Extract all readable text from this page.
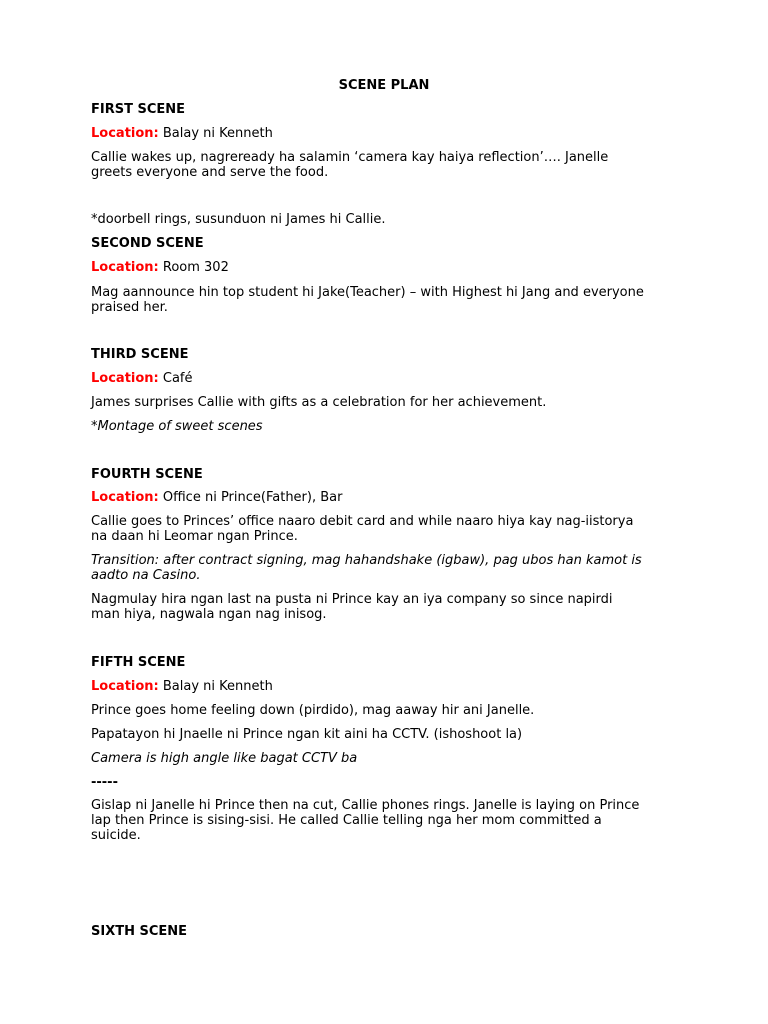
SCENE PLAN
FIRST SCENE
Location: Balay ni Kenneth
Callie wakes up, nagreready ha salamin ‘camera kay haiya reflection’…. Janelle
greets everyone and serve the food.
*doorbell rings, susunduon ni James hi Callie.
SECOND SCENE
Location: Room 302
Mag aannounce hin top student hi Jake(Teacher) – with Highest hi Jang and everyone
praised her.
THIRD SCENE
Location: Café
James surprises Callie with gifts as a celebration for her achievement.
*Montage of sweet scenes
FOURTH SCENE
Location: Office ni Prince(Father), Bar
Callie goes to Princes’ office naaro debit card and while naaro hiya kay nag-iistorya
na daan hi Leomar ngan Prince.
Transition: after contract signing, mag hahandshake (igbaw), pag ubos han kamot is
aadto na Casino.
Nagmulay hira ngan last na pusta ni Prince kay an iya company so since napirdi
man hiya, nagwala ngan nag inisog.
FIFTH SCENE
Location: Balay ni Kenneth
Prince goes home feeling down (pirdido), mag aaway hir ani Janelle.
Papatayon hi Jnaelle ni Prince ngan kit aini ha CCTV. (ishoshoot la)
Camera is high angle like bagat CCTV ba
-----
Gislap ni Janelle hi Prince then na cut, Callie phones rings. Janelle is laying on Prince
lap then Prince is sising-sisi. He called Callie telling nga her mom committed a
suicide.
SIXTH SCENE
